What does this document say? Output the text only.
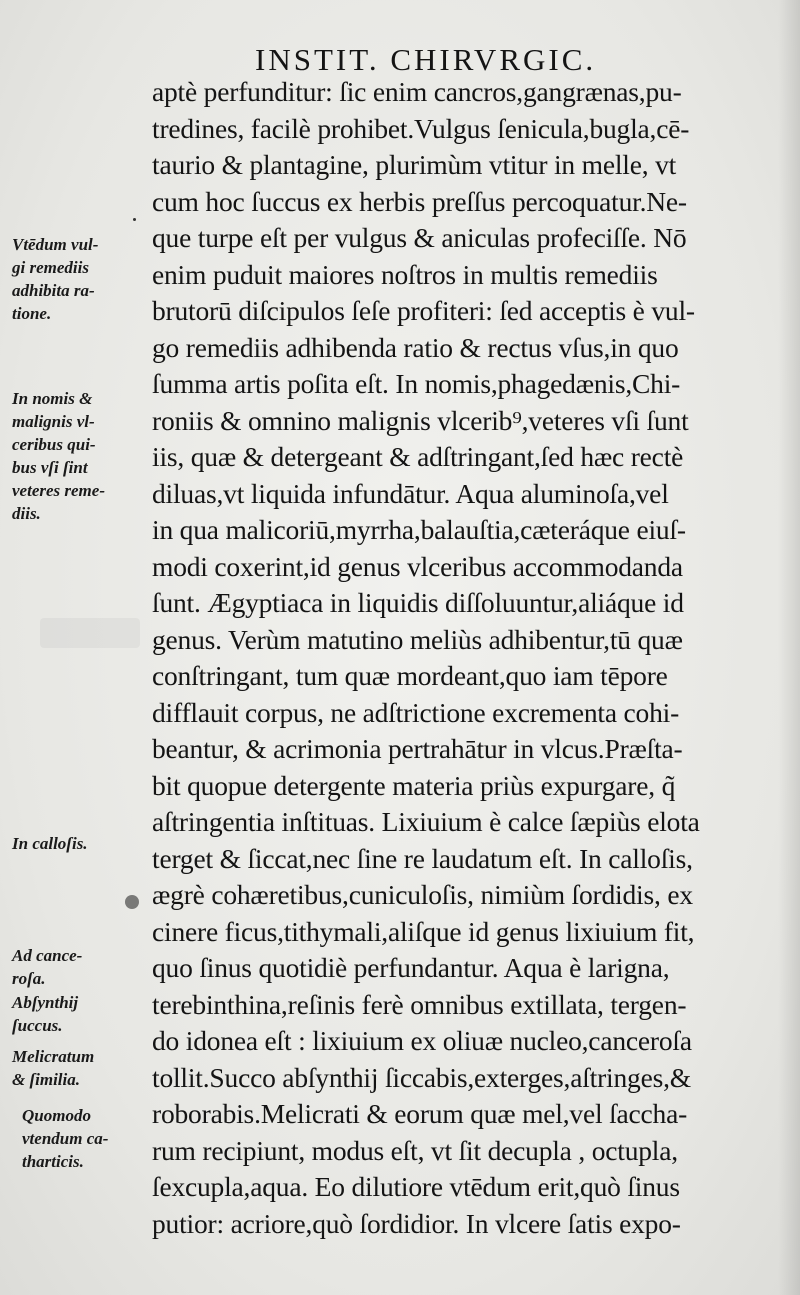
INSTIT. CHIRVRGIC.
aptè perfunditur: ſic enim cancros,gangrænas,pu-
tredines, facilè prohibet.Vulgus ſenicula,bugla,cē-
taurio & plantagine, plurimùm vtitur in melle, vt
cum hoc ſuccus ex herbis preſſus percoquatur.Ne-
que turpe eſt per vulgus & aniculas profeciſſe. Nō
enim puduit maiores noſtros in multis remediis
brutorū diſcipulos ſeſe profiteri: ſed acceptis è vul-
go remediis adhibenda ratio & rectus vſus,in quo
ſumma artis poſita eſt. In nomis,phagedænis,Chi-
roniis & omnino malignis vlcerib⁹,veteres vſi ſunt
iis, quæ & detergeant & adſtringant,ſed hæc rectè
diluas,vt liquida infundātur. Aqua aluminoſa,vel
in qua malicoriū,myrrha,balauſtia,cæteráque eiuſ-
modi coxerint,id genus vlceribus accommodanda
ſunt. Ægyptiaca in liquidis diſſoluuntur,aliáque id
genus. Verùm matutino meliùs adhibentur,tū quæ
conſtringant, tum quæ mordeant,quo iam tēpore
difflauit corpus, ne adſtrictione excrementa cohi-
beantur, & acrimonia pertrahātur in vlcus.Præſta-
bit quopue detergente materia priùs expurgare, q̃
aſtringentia inſtituas. Lixiuium è calce ſæpiùs elota
terget & ſiccat,nec ſine re laudatum eſt. In calloſis,
ægrè cohæretibus,cuniculoſis, nimiùm ſordidis, ex
cinere ficus,tithymali,aliſque id genus lixiuium fit,
quo ſinus quotidiè perfundantur. Aqua è larigna,
terebinthina,reſinis ferè omnibus extillata, tergen-
do idonea eſt : lixiuium ex oliuæ nucleo,canceroſa
tollit.Succo abſynthij ſiccabis,exterges,aſtringes,&
roborabis.Melicrati & eorum quæ mel,vel ſaccha-
rum recipiunt, modus eſt, vt ſit decupla , octupla,
ſexcupla,aqua. Eo dilutiore vtēdum erit,quò ſinus
putior: acriore,quò ſordidior. In vlcere ſatis expo-
Vtēdum vul-
gi remediis
adhibita ra-
tione.
In nomis &
malignis vl-
ceribus qui-
bus vſi ſint
veteres reme-
diis.
In calloſis.
Ad cance-
roſa.
Abſynthij
ſuccus.
Melicratum
& ſimilia.
Quomodo
vtendum ca-
tharticis.
